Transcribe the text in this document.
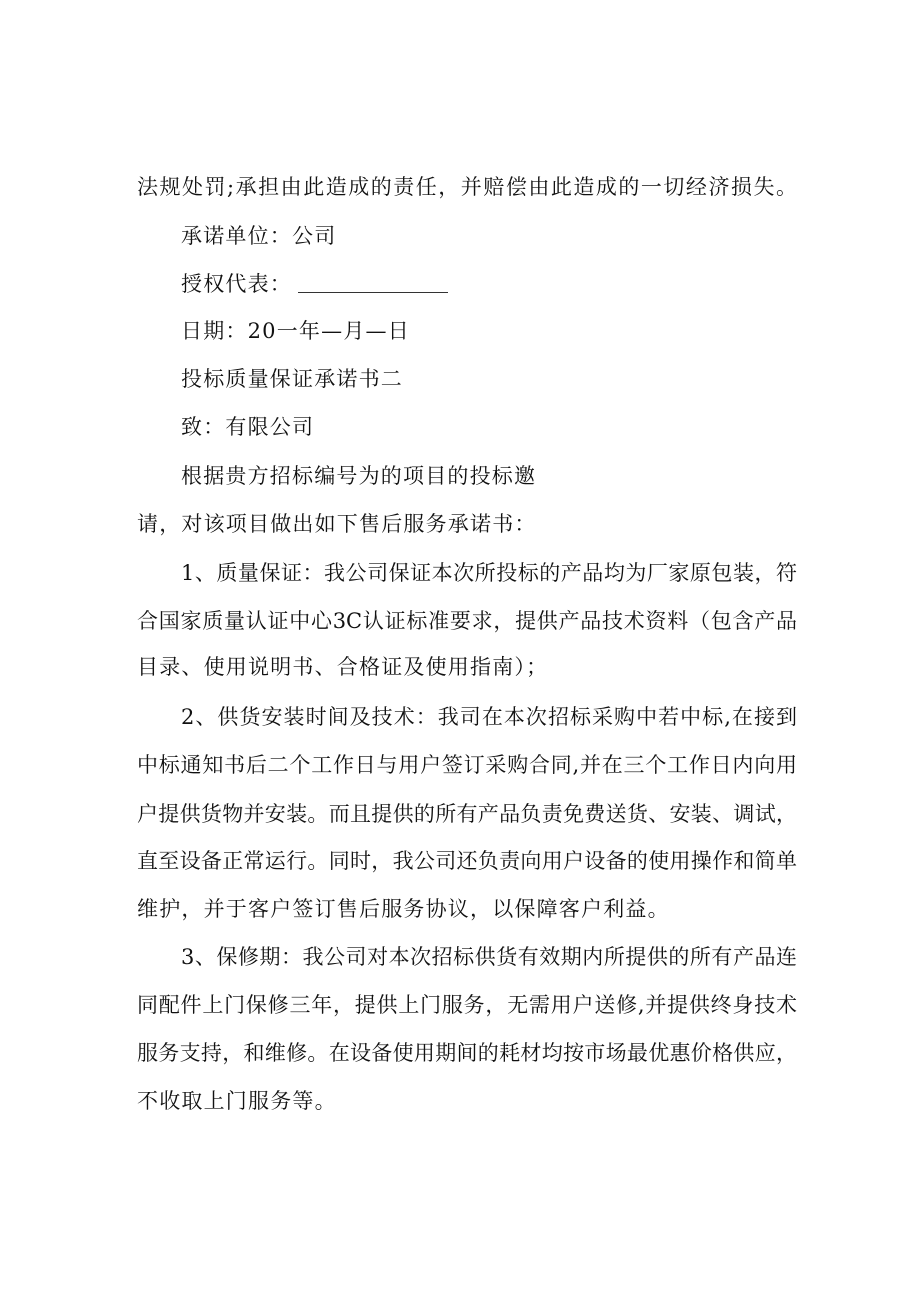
法规处罚;承担由此造成的责任，并赔偿由此造成的一切经济损失。
承诺单位：公司
授权代表：
日期：20一年—月—日
投标质量保证承诺书二
致：有限公司
根据贵方招标编号为的项目的投标邀
请，对该项目做出如下售后服务承诺书：
1、质量保证：我公司保证本次所投标的产品均为厂家原包装，符
合国家质量认证中心3C认证标准要求，提供产品技术资料（包含产品
目录、使用说明书、合格证及使用指南）；
2、供货安装时间及技术：我司在本次招标采购中若中标,在接到
中标通知书后二个工作日与用户签订采购合同,并在三个工作日内向用
户提供货物并安装。而且提供的所有产品负责免费送货、安装、调试，
直至设备正常运行。同时，我公司还负责向用户设备的使用操作和简单
维护，并于客户签订售后服务协议，以保障客户利益。
3、保修期：我公司对本次招标供货有效期内所提供的所有产品连
同配件上门保修三年，提供上门服务，无需用户送修,并提供终身技术
服务支持，和维修。在设备使用期间的耗材均按市场最优惠价格供应，
不收取上门服务等。
